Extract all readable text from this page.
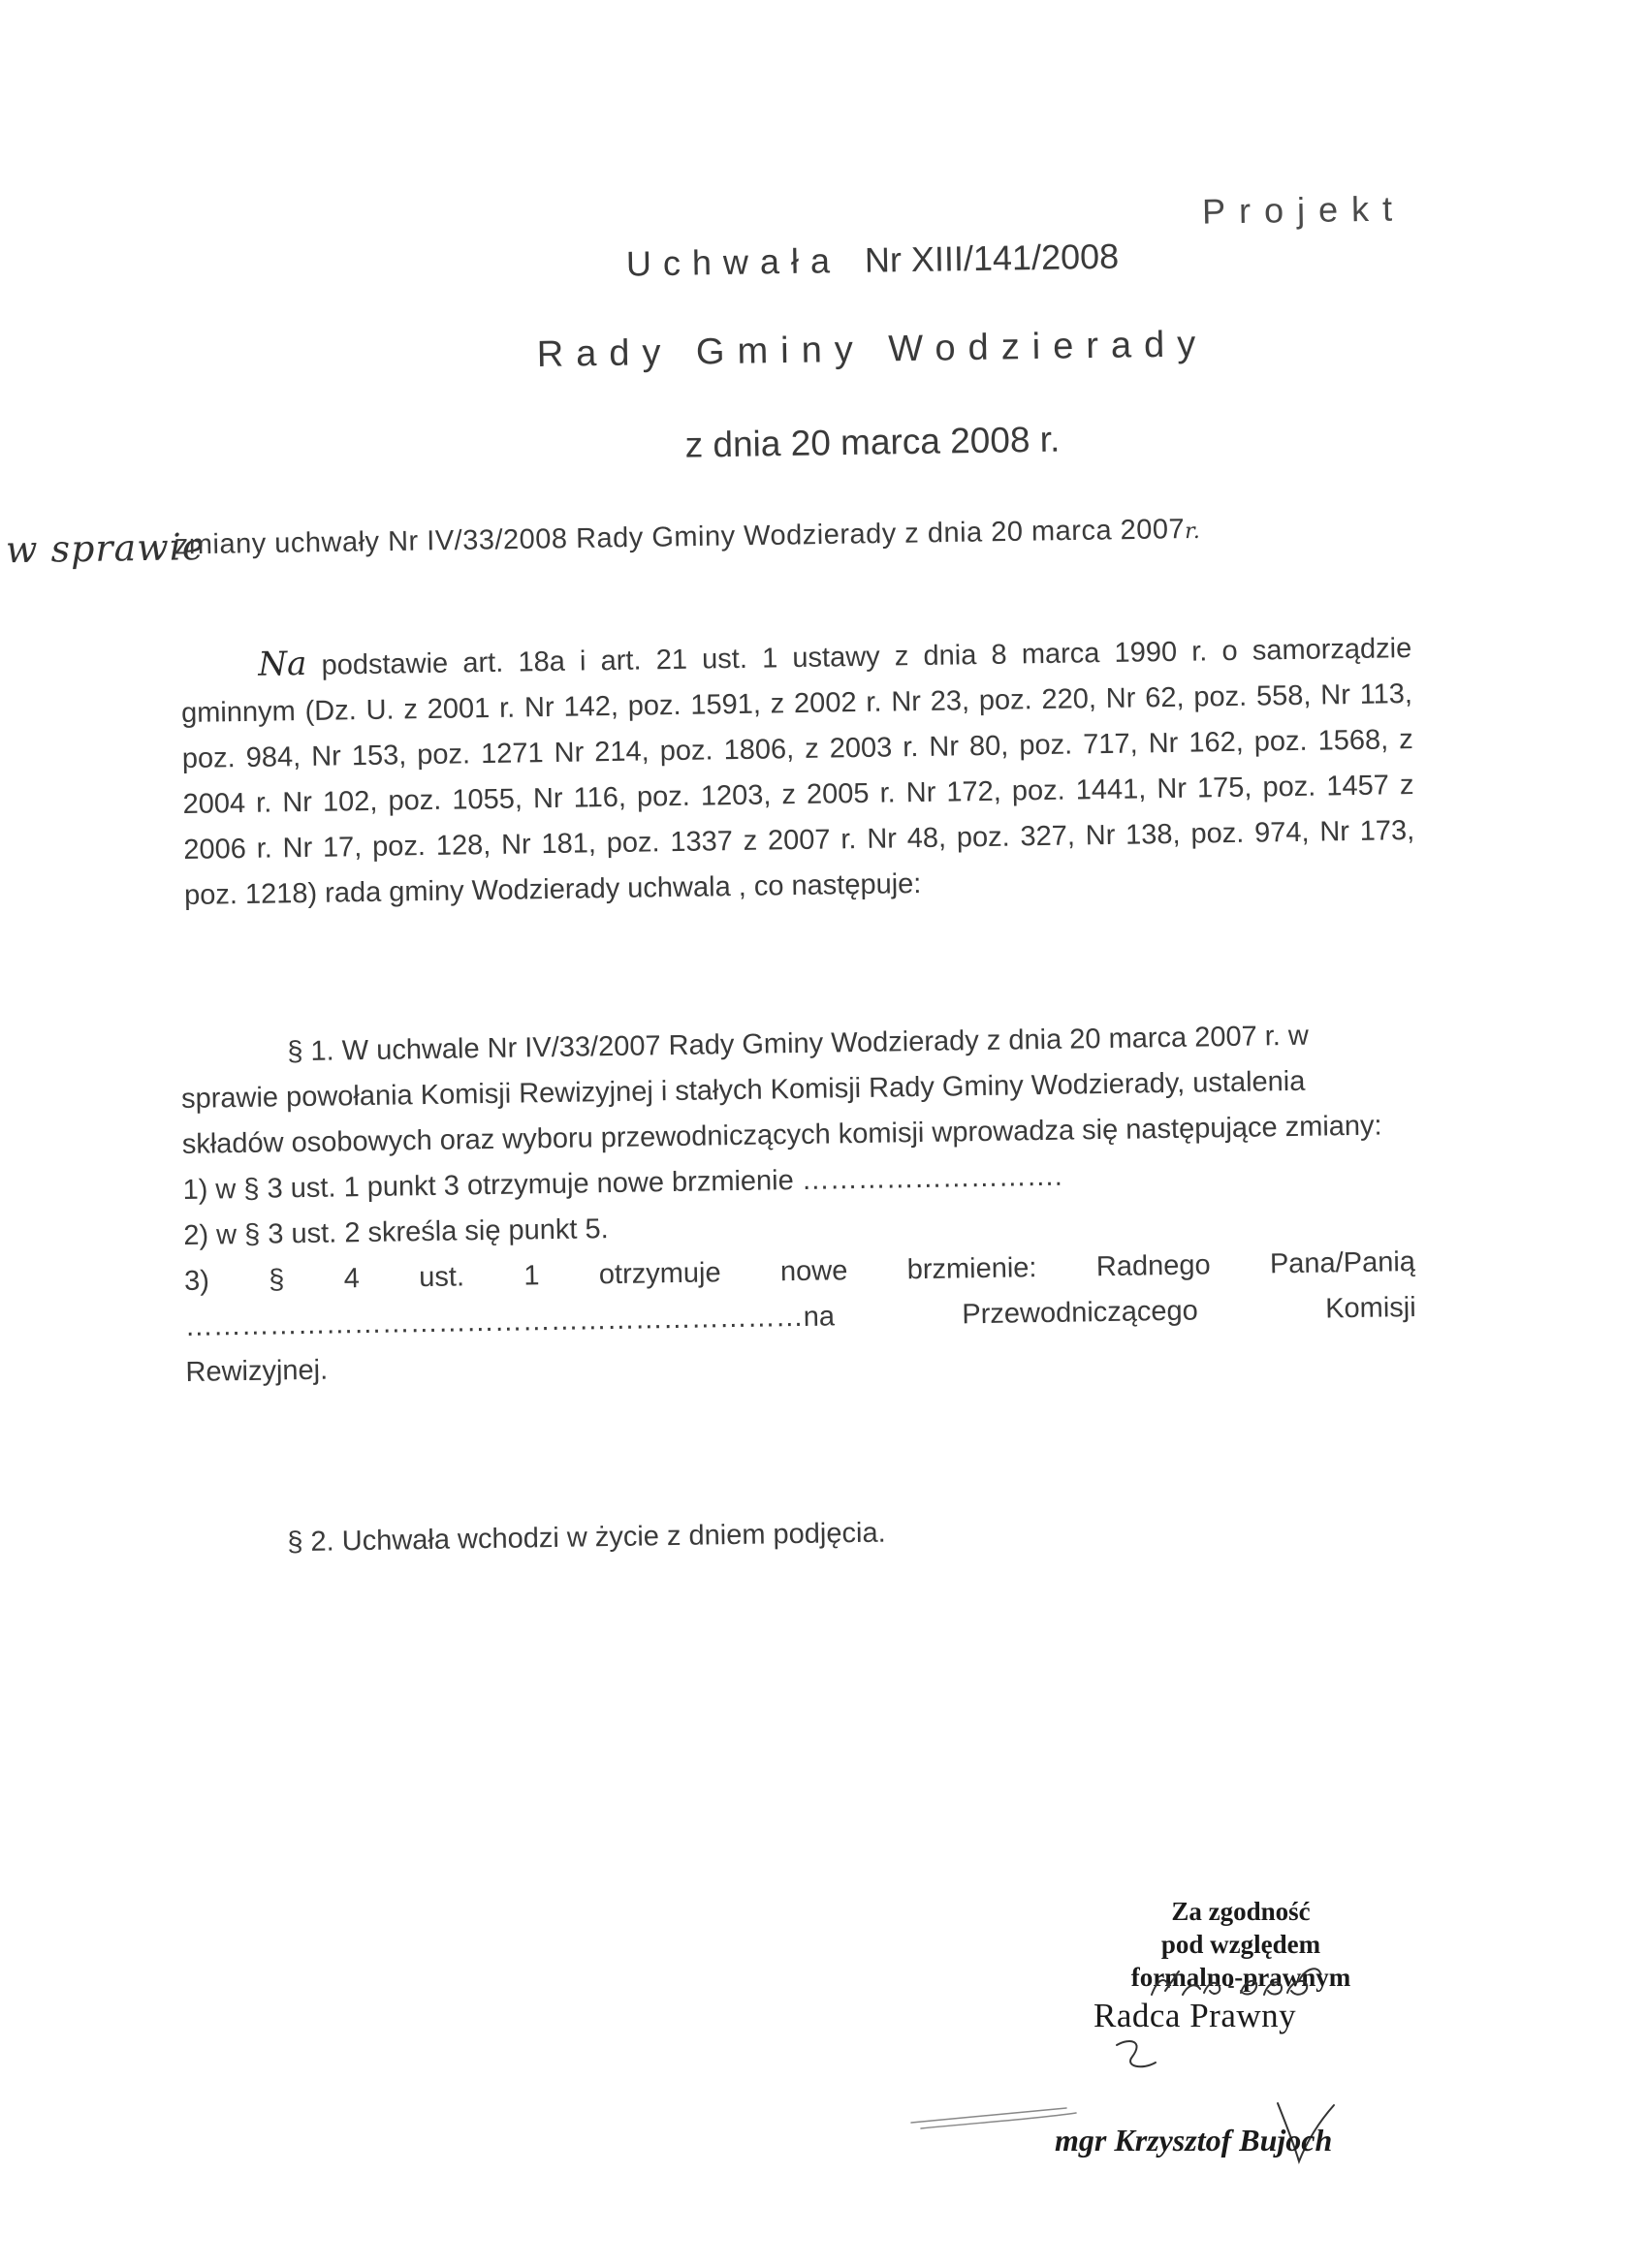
Projekt
Uchwała Nr XIII/141/2008
Rady Gminy Wodzierady
z dnia 20 marca 2008 r.
w sprawie
zmiany uchwały Nr IV/33/2008 Rady Gminy Wodzierady z dnia 20 marca 2007r.
Na podstawie art. 18a i art. 21 ust. 1 ustawy z dnia 8 marca 1990 r. o samorządzie gminnym (Dz. U. z 2001 r. Nr 142, poz. 1591, z 2002 r. Nr 23, poz. 220, Nr 62, poz. 558, Nr 113, poz. 984, Nr 153, poz. 1271 Nr 214, poz. 1806, z 2003 r. Nr 80, poz. 717, Nr 162, poz. 1568, z 2004 r. Nr 102, poz. 1055, Nr 116, poz. 1203, z 2005 r. Nr 172, poz. 1441, Nr 175, poz. 1457 z 2006 r. Nr 17, poz. 128, Nr 181, poz. 1337 z 2007 r. Nr 48, poz. 327, Nr 138, poz. 974, Nr 173, poz. 1218) rada gminy Wodzierady uchwala , co następuje:

§ 1. W uchwale Nr IV/33/2007 Rady Gminy Wodzierady z dnia 20 marca 2007 r. w sprawie powołania Komisji Rewizyjnej i stałych Komisji Rady Gminy Wodzierady, ustalenia składów osobowych oraz wyboru przewodniczących komisji wprowadza się następujące zmiany:

1) w § 3 ust. 1 punkt 3 otrzymuje nowe brzmienie ……………………….

2) w § 3 ust. 2 skreśla się punkt 5.

3) § 4 ust. 1 otrzymuje nowe brzmienie: Radnego Pana/Panią

…………………………………………………………na Przewodniczącego Komisji

Rewizyjnej.

§ 2. Uchwała wchodzi w życie z dniem podjęcia.
Za zgodność
pod względem
formalno-prawnym
Radca Prawny
mgr Krzysztof Bujoch
